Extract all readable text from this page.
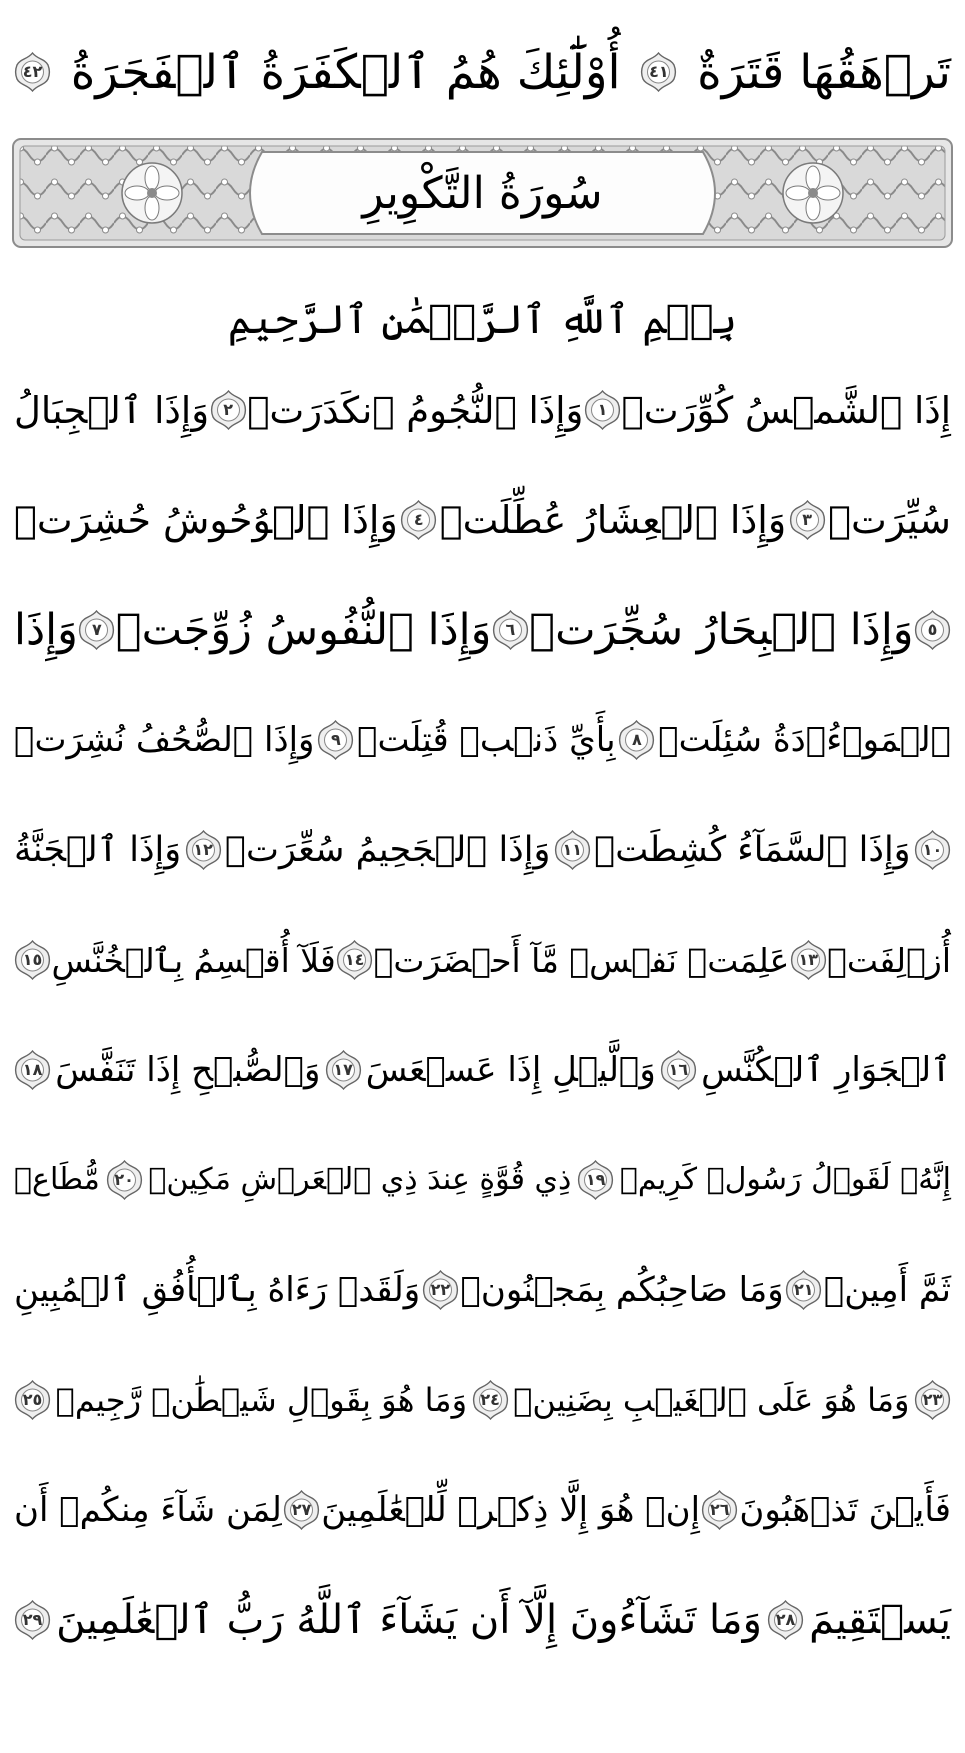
تَرۡهَقُهَا قَتَرَةٌ
٤١
أُوْلَٰٓئِكَ هُمُ ٱلۡكَفَرَةُ ٱلۡفَجَرَةُ
٤٢
سُورَةُ التَّكْوِيرِ
بِسۡمِ ٱللَّهِ ٱلرَّحۡمَٰنِ ٱلرَّحِيمِ
إِذَا ٱلشَّمۡسُ كُوِّرَتۡ
١
وَإِذَا ٱلنُّجُومُ ٱنكَدَرَتۡ
٢
وَإِذَا ٱلۡجِبَالُ
سُيِّرَتۡ
٣
وَإِذَا ٱلۡعِشَارُ عُطِّلَتۡ
٤
وَإِذَا ٱلۡوُحُوشُ حُشِرَتۡ
٥
وَإِذَا ٱلۡبِحَارُ سُجِّرَتۡ
٦
وَإِذَا ٱلنُّفُوسُ زُوِّجَتۡ
٧
وَإِذَا
ٱلۡمَوۡءُۥدَةُ سُئِلَتۡ
٨
بِأَيِّ ذَنۢبٖ قُتِلَتۡ
٩
وَإِذَا ٱلصُّحُفُ نُشِرَتۡ
١٠
وَإِذَا ٱلسَّمَآءُ كُشِطَتۡ
١١
وَإِذَا ٱلۡجَحِيمُ سُعِّرَتۡ
١٢
وَإِذَا ٱلۡجَنَّةُ
أُزۡلِفَتۡ
١٣
عَلِمَتۡ نَفۡسٞ مَّآ أَحۡضَرَتۡ
١٤
فَلَآ أُقۡسِمُ بِٱلۡخُنَّسِ
١٥
ٱلۡجَوَارِ ٱلۡكُنَّسِ
١٦
وَٱلَّيۡلِ إِذَا عَسۡعَسَ
١٧
وَٱلصُّبۡحِ إِذَا تَنَفَّسَ
١٨
إِنَّهُۥ لَقَوۡلُ رَسُولٖ كَرِيمٖ
١٩
ذِي قُوَّةٍ عِندَ ذِي ٱلۡعَرۡشِ مَكِينٖ
٢٠
مُّطَاعٖ
ثَمَّ أَمِينٖ
٢١
وَمَا صَاحِبُكُم بِمَجۡنُونٖ
٢٢
وَلَقَدۡ رَءَاهُ بِٱلۡأُفُقِ ٱلۡمُبِينِ
٢٣
وَمَا هُوَ عَلَى ٱلۡغَيۡبِ بِضَنِينٖ
٢٤
وَمَا هُوَ بِقَوۡلِ شَيۡطَٰنٖ رَّجِيمٖ
٢٥
فَأَيۡنَ تَذۡهَبُونَ
٢٦
إِنۡ هُوَ إِلَّا ذِكۡرٞ لِّلۡعَٰلَمِينَ
٢٧
لِمَن شَآءَ مِنكُمۡ أَن
يَسۡتَقِيمَ
٢٨
وَمَا تَشَآءُونَ إِلَّآ أَن يَشَآءَ ٱللَّهُ رَبُّ ٱلۡعَٰلَمِينَ
٢٩
